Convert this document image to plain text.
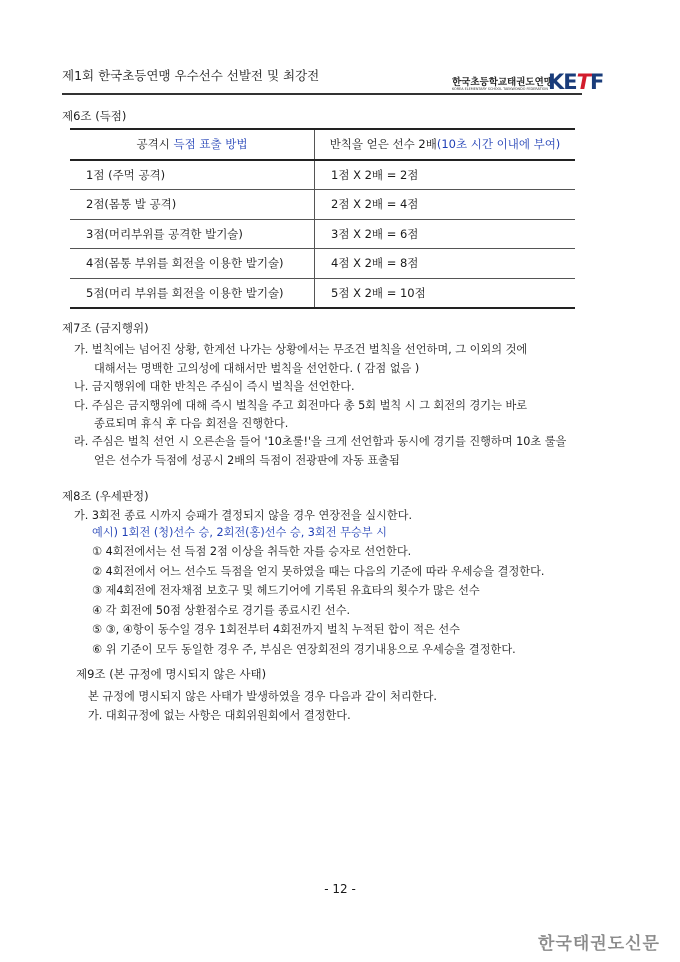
제1회 한국초등연맹 우수선수 선발전 및 최강전	한국초등학교태권도연맹
KOREA ELEMENTARY SCHOOL TAEKWONDO FEDERATION KETF
제6조 (득점)
공격시 득점 표출 방법	반칙을 얻은 선수 2배(10초 시간 이내에 부여)
1점 (주먹 공격)	1점 X 2배 = 2점
2점(몸통 발 공격)	2점 X 2배 = 4점
3점(머리부위를 공격한 발기술)	3점 X 2배 = 6점
4점(몸통 부위를 회전을 이용한 발기술)	4점 X 2배 = 8점
5점(머리 부위를 회전을 이용한 발기술)	5점 X 2배 = 10점
제7조 (금지행위)
가. 벌칙에는 넘어진 상황, 한계선 나가는 상황에서는 무조건 벌칙을 선언하며, 그 이외의 것에
대해서는 명백한 고의성에 대해서만 벌칙을 선언한다. ( 감점 없음 )
나. 금지행위에 대한 반칙은 주심이 즉시 벌칙을 선언한다.
다. 주심은 금지행위에 대해 즉시 벌칙을 주고 회전마다 총 5회 벌칙 시 그 회전의 경기는 바로
종료되며 휴식 후 다음 회전을 진행한다.
라. 주심은 벌칙 선언 시 오른손을 들어 '10초룰!'을 크게 선언함과 동시에 경기를 진행하며 10초 룰을
얻은 선수가 득점에 성공시 2배의 득점이 전광판에 자동 표출됨
제8조 (우세판정)
가. 3회전 종료 시까지 승패가 결정되지 않을 경우 연장전을 실시한다.
예시) 1회전 (청)선수 승, 2회전(홍)선수 승, 3회전 무승부 시
① 4회전에서는 선 득점 2점 이상을 취득한 자를 승자로 선언한다.
② 4회전에서 어느 선수도 득점을 얻지 못하였을 때는 다음의 기준에 따라 우세승을 결정한다.
③ 제4회전에 전자채점 보호구 및 헤드기어에 기록된 유효타의 횟수가 많은 선수
④ 각 회전에 50점 상환점수로 경기를 종료시킨 선수.
⑤ ③, ④항이 동수일 경우 1회전부터 4회전까지 벌칙 누적된 합이 적은 선수
⑥ 위 기준이 모두 동일한 경우 주, 부심은 연장회전의 경기내용으로 우세승을 결정한다.
제9조 (본 규정에 명시되지 않은 사태)
본 규정에 명시되지 않은 사태가 발생하였을 경우 다음과 같이 처리한다.
가. 대회규정에 없는 사항은 대회위원회에서 결정한다.
- 12 -
한국태권도신문
